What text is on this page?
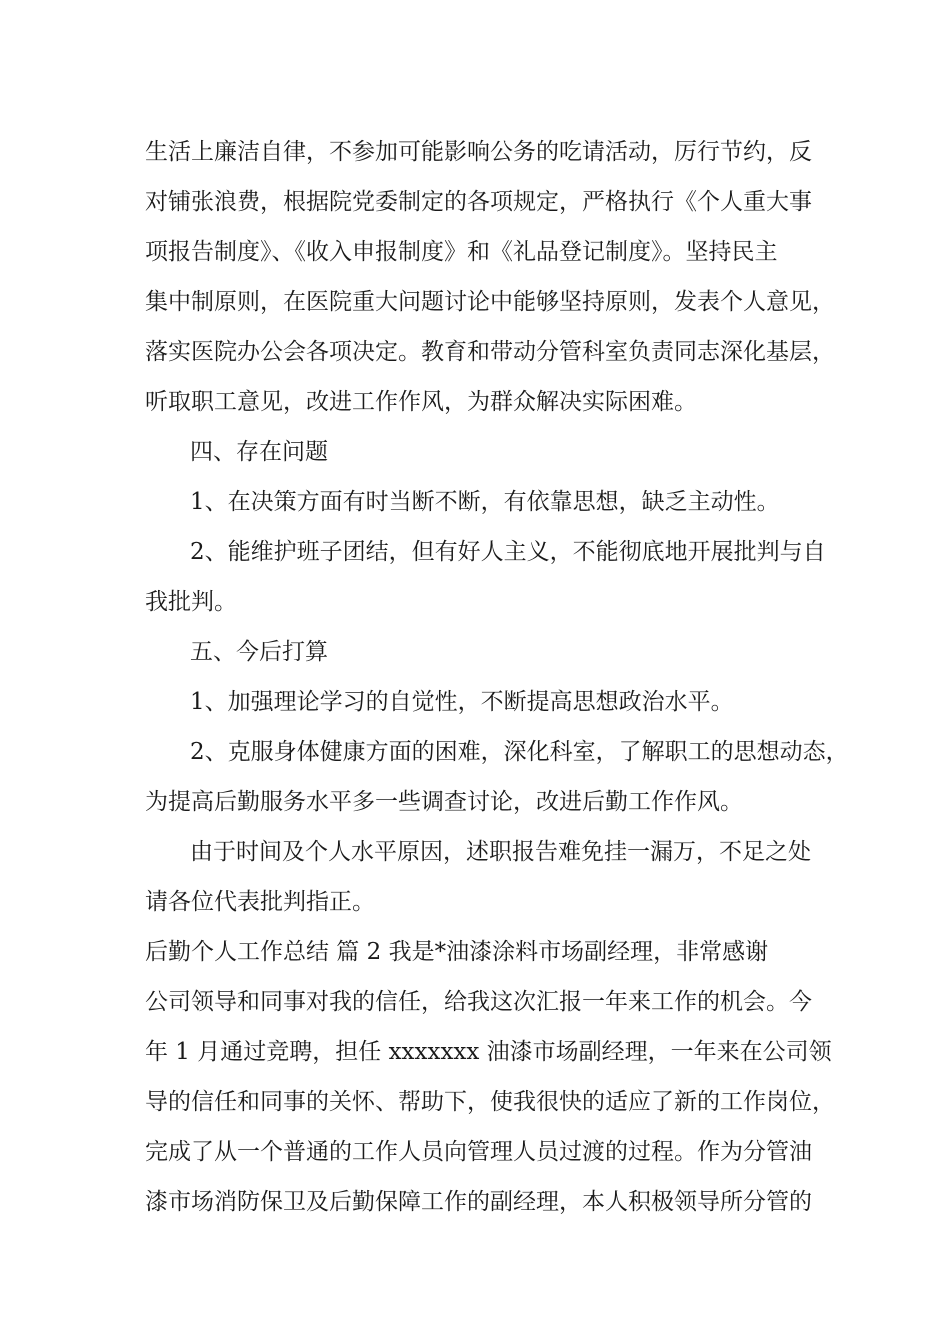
生活上廉洁自律，不参加可能影响公务的吃请活动，厉行节约，反
对铺张浪费，根据院党委制定的各项规定，严格执行《个人重大事
项报告制度》、《收入申报制度》和《礼品登记制度》。坚持民主
集中制原则，在医院重大问题讨论中能够坚持原则，发表个人意见，
落实医院办公会各项决定。教育和带动分管科室负责同志深化基层，
听取职工意见，改进工作作风，为群众解决实际困难。
四、存在问题
1、在决策方面有时当断不断，有依靠思想，缺乏主动性。
2、能维护班子团结，但有好人主义，不能彻底地开展批判与自
我批判。
五、今后打算
1、加强理论学习的自觉性，不断提高思想政治水平。
2、克服身体健康方面的困难，深化科室，了解职工的思想动态，
为提高后勤服务水平多一些调查讨论，改进后勤工作作风。
由于时间及个人水平原因，述职报告难免挂一漏万，不足之处
请各位代表批判指正。
后勤个人工作总结 篇 2 我是*油漆涂料市场副经理，非常感谢
公司领导和同事对我的信任，给我这次汇报一年来工作的机会。今
年 1 月通过竞聘，担任 xxxxxxx 油漆市场副经理，一年来在公司领
导的信任和同事的关怀、帮助下，使我很快的适应了新的工作岗位，
完成了从一个普通的工作人员向管理人员过渡的过程。作为分管油
漆市场消防保卫及后勤保障工作的副经理，本人积极领导所分管的
